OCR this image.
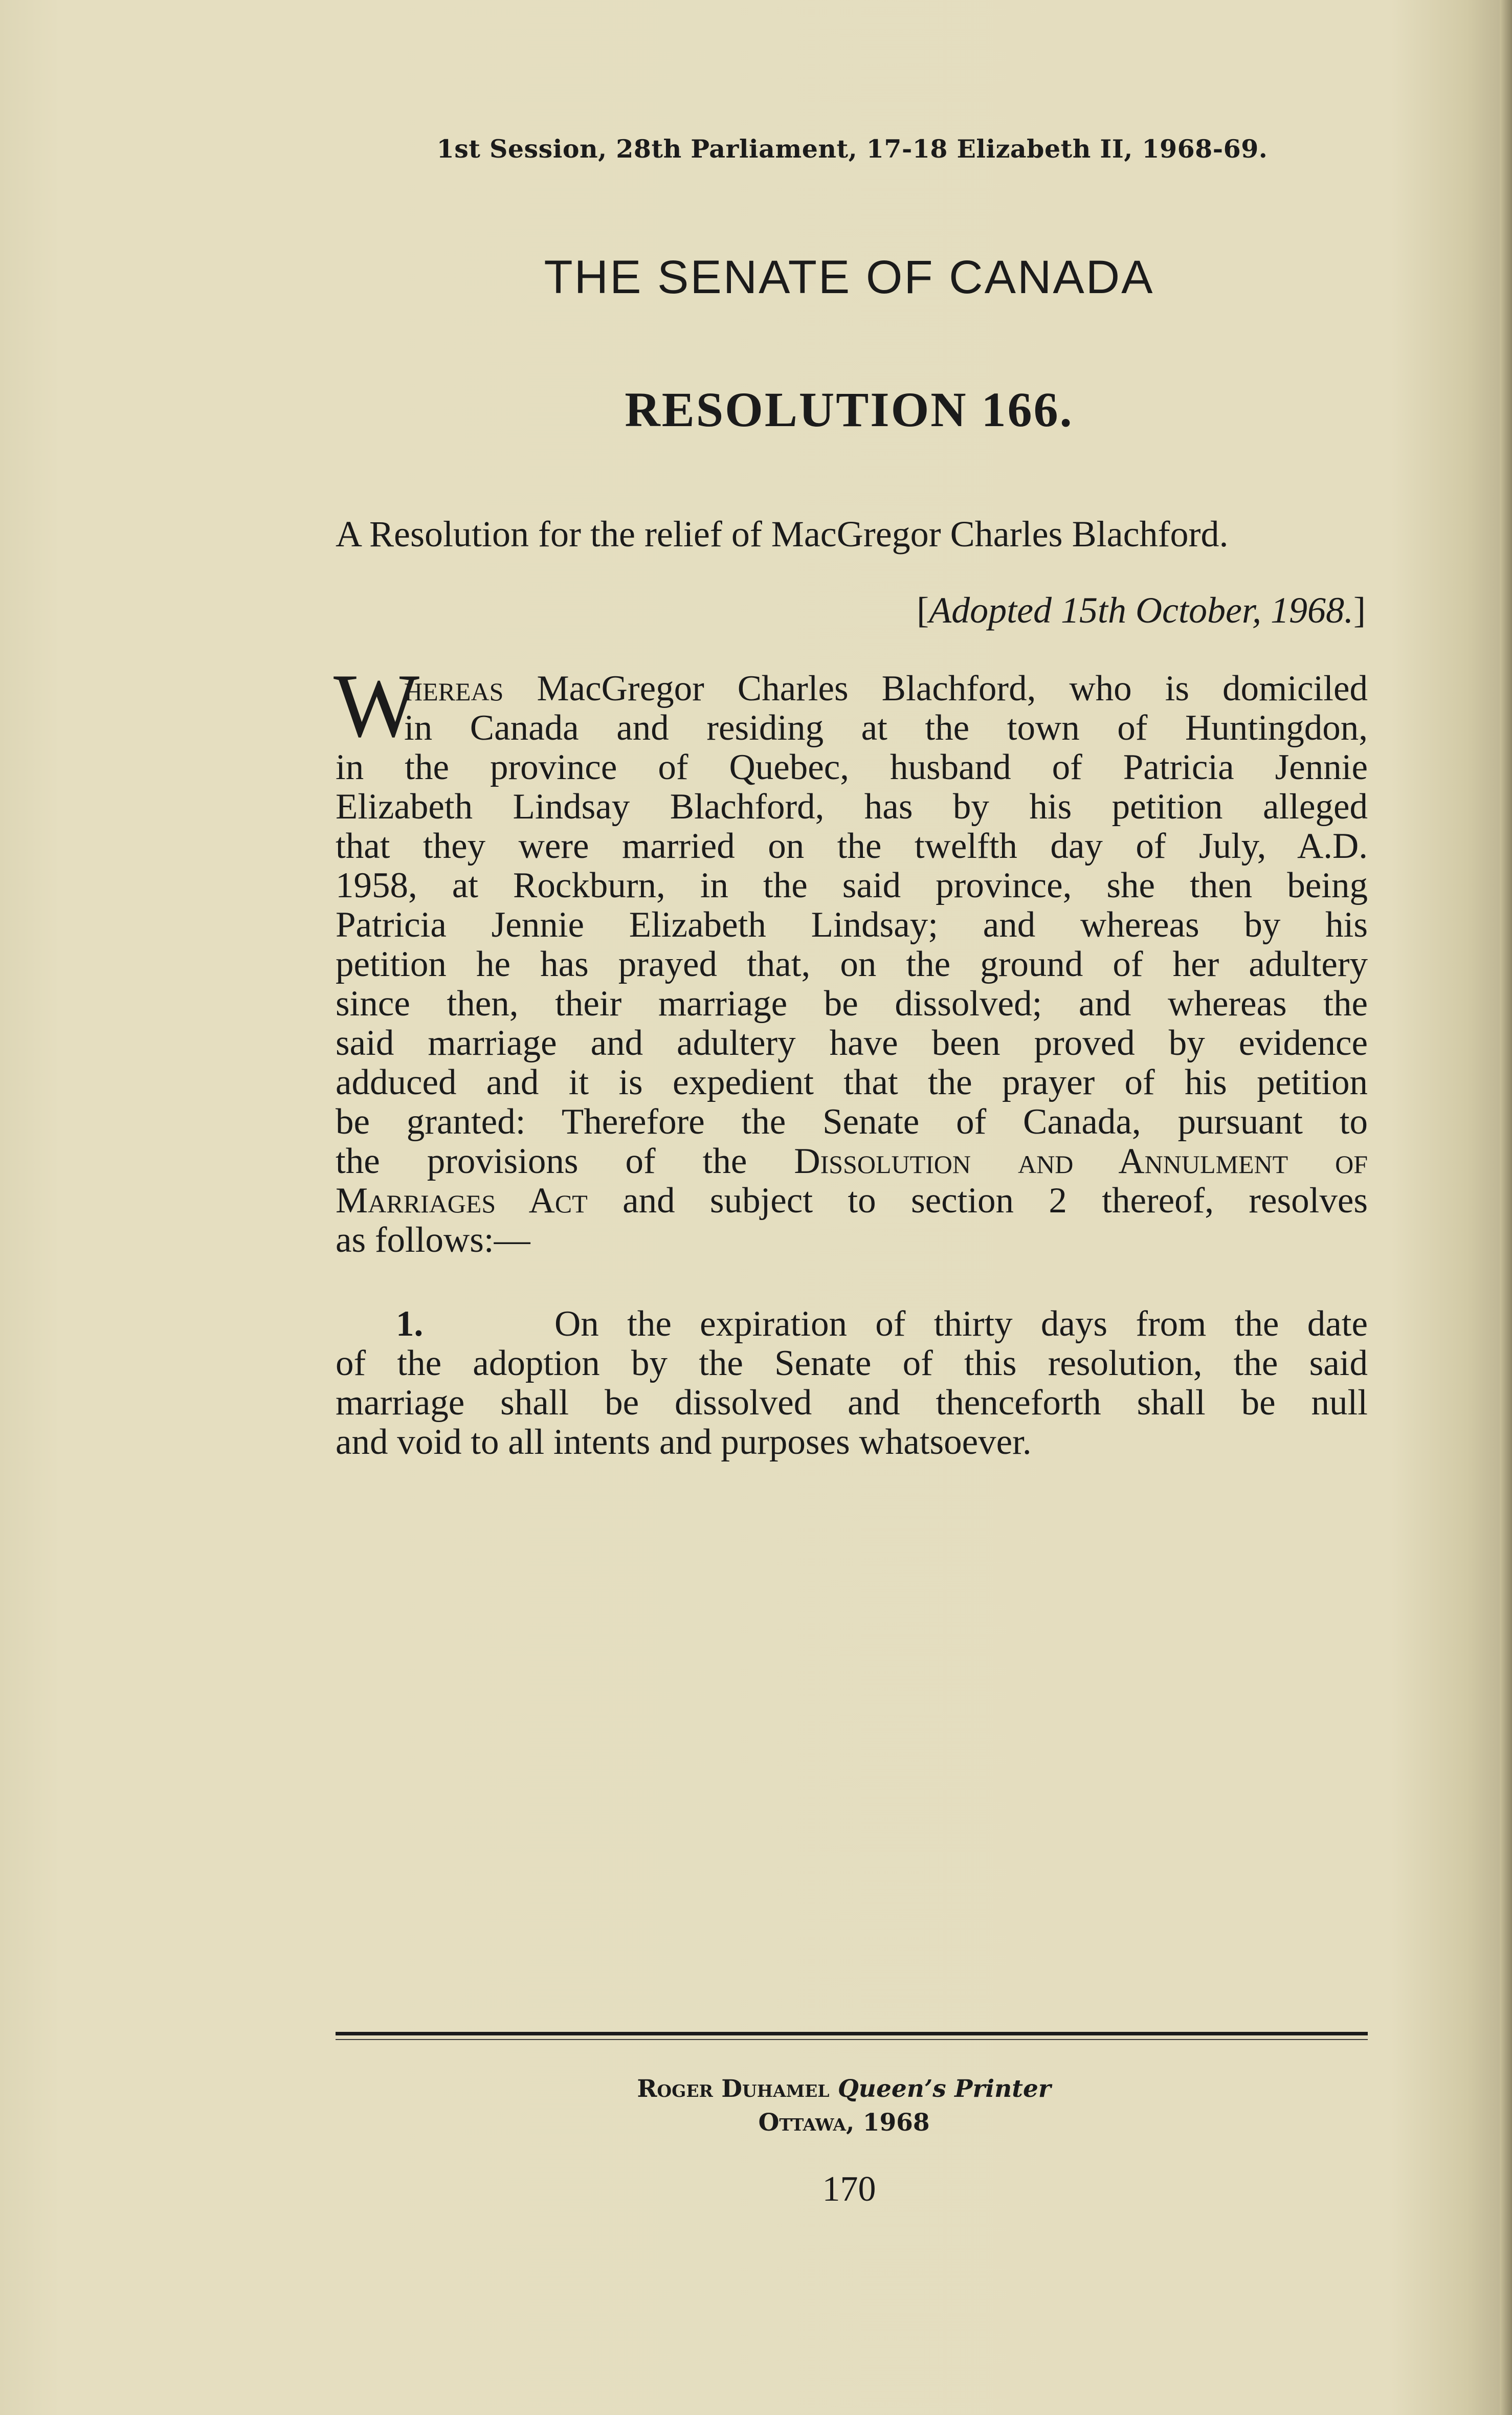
1st Session, 28th Parliament, 17-18 Elizabeth II, 1968-69.
THE SENATE OF CANADA
RESOLUTION 166.
A Resolution for the relief of MacGregor Charles Blachford.
[Adopted 15th October, 1968.]
W
hereas MacGregor Charles Blachford, who is domiciled
in Canada and residing at the town of Huntingdon,
in the province of Quebec, husband of Patricia Jennie
Elizabeth Lindsay Blachford, has by his petition alleged
that they were married on the twelfth day of July, A.D.
1958, at Rockburn, in the said province, she then being
Patricia Jennie Elizabeth Lindsay; and whereas by his
petition he has prayed that, on the ground of her adultery
since then, their marriage be dissolved; and whereas the
said marriage and adultery have been proved by evidence
adduced and it is expedient that the prayer of his petition
be granted: Therefore the Senate of Canada, pursuant to
the provisions of the Dissolution and Annulment of
Marriages Act and subject to section 2 thereof, resolves
as follows:—
1.	On the expiration of thirty days from the date
of the adoption by the Senate of this resolution, the said
marriage shall be dissolved and thenceforth shall be null
and void to all intents and purposes whatsoever.
Roger Duhamel Queen’s Printer
Ottawa, 1968
170
